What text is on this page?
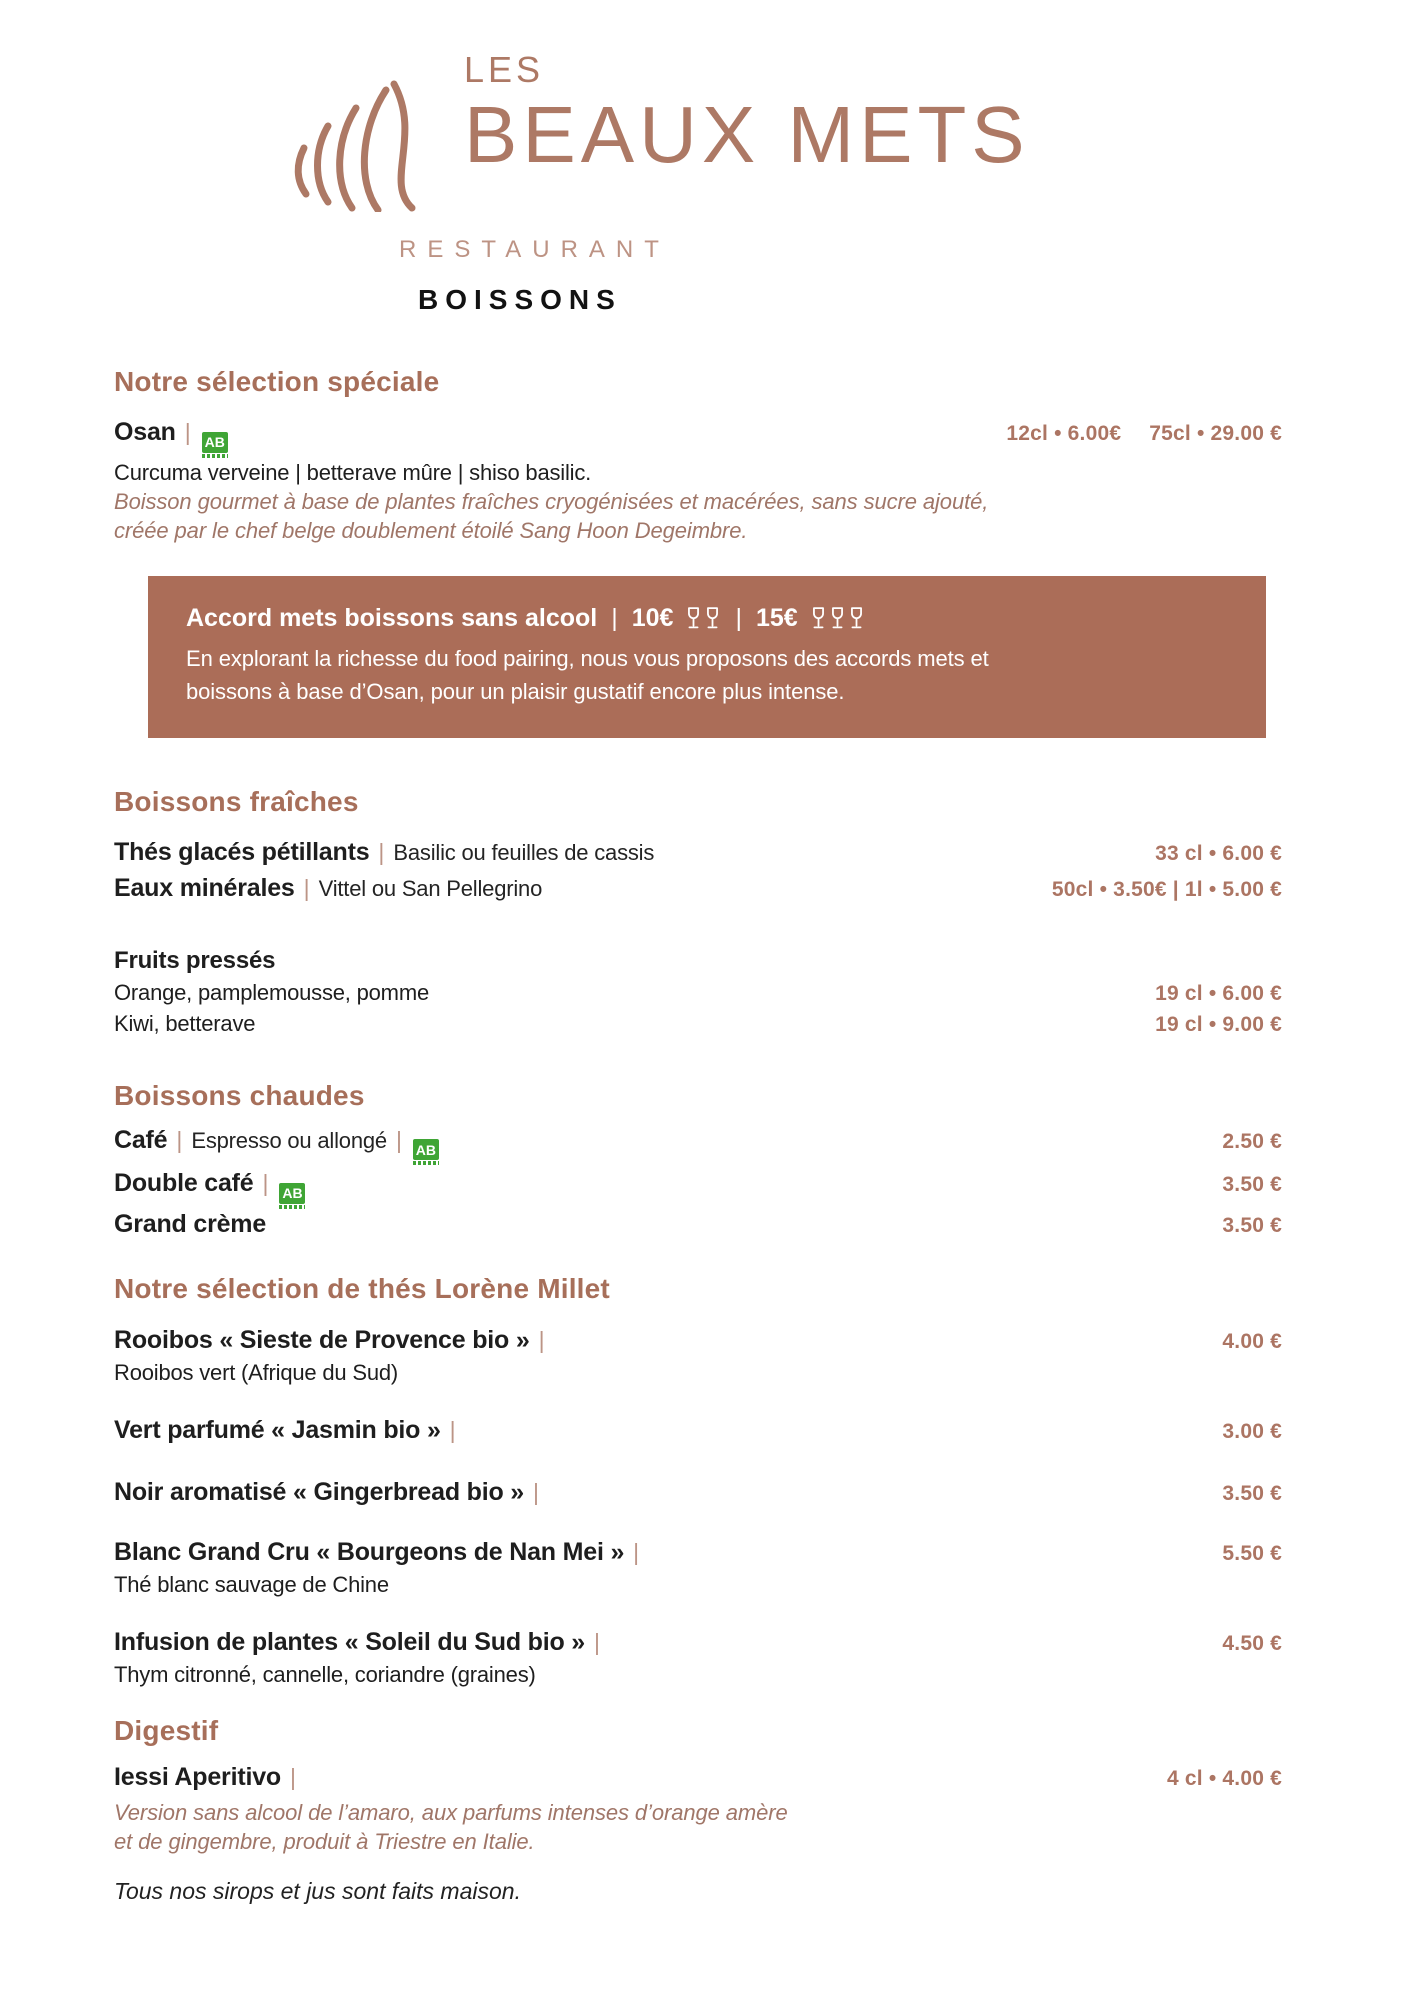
LES
BEAUX METS
RESTAURANT
BOISSONS
Notre sélection spéciale
Osan | AB	12cl • 6.00€ 75cl • 29.00 €
Curcuma verveine | betterave mûre | shiso basilic.
Boisson gourmet à base de plantes fraîches cryogénisées et macérées, sans sucre ajouté,
créée par le chef belge doublement étoilé Sang Hoon Degeimbre.
Accord mets boissons sans alcool | 10€ | 15€
En explorant la richesse du food pairing, nous vous proposons des accords mets et
boissons à base d’Osan, pour un plaisir gustatif encore plus intense.
Boissons fraîches
Thés glacés pétillants | Basilic ou feuilles de cassis	33 cl • 6.00 €
Eaux minérales | Vittel ou San Pellegrino	50cl • 3.50€ | 1l • 5.00 €
Fruits pressés
Orange, pamplemousse, pomme	19 cl • 6.00 €
Kiwi, betterave	19 cl • 9.00 €
Boissons chaudes
Café | Espresso ou allongé | AB	2.50 €
Double café | AB	3.50 €
Grand crème	3.50 €
Notre sélection de thés Lorène Millet
Rooibos « Sieste de Provence bio » |	4.00 €
Rooibos vert (Afrique du Sud)
Vert parfumé « Jasmin bio » |	3.00 €
Noir aromatisé « Gingerbread bio » |	3.50 €
Blanc Grand Cru « Bourgeons de Nan Mei » |	5.50 €
Thé blanc sauvage de Chine
Infusion de plantes « Soleil du Sud bio » |	4.50 €
Thym citronné, cannelle, coriandre (graines)
Digestif
Iessi Aperitivo |	4 cl • 4.00 €
Version sans alcool de l’amaro, aux parfums intenses d’orange amère
et de gingembre, produit à Triestre en Italie.
Tous nos sirops et jus sont faits maison.
